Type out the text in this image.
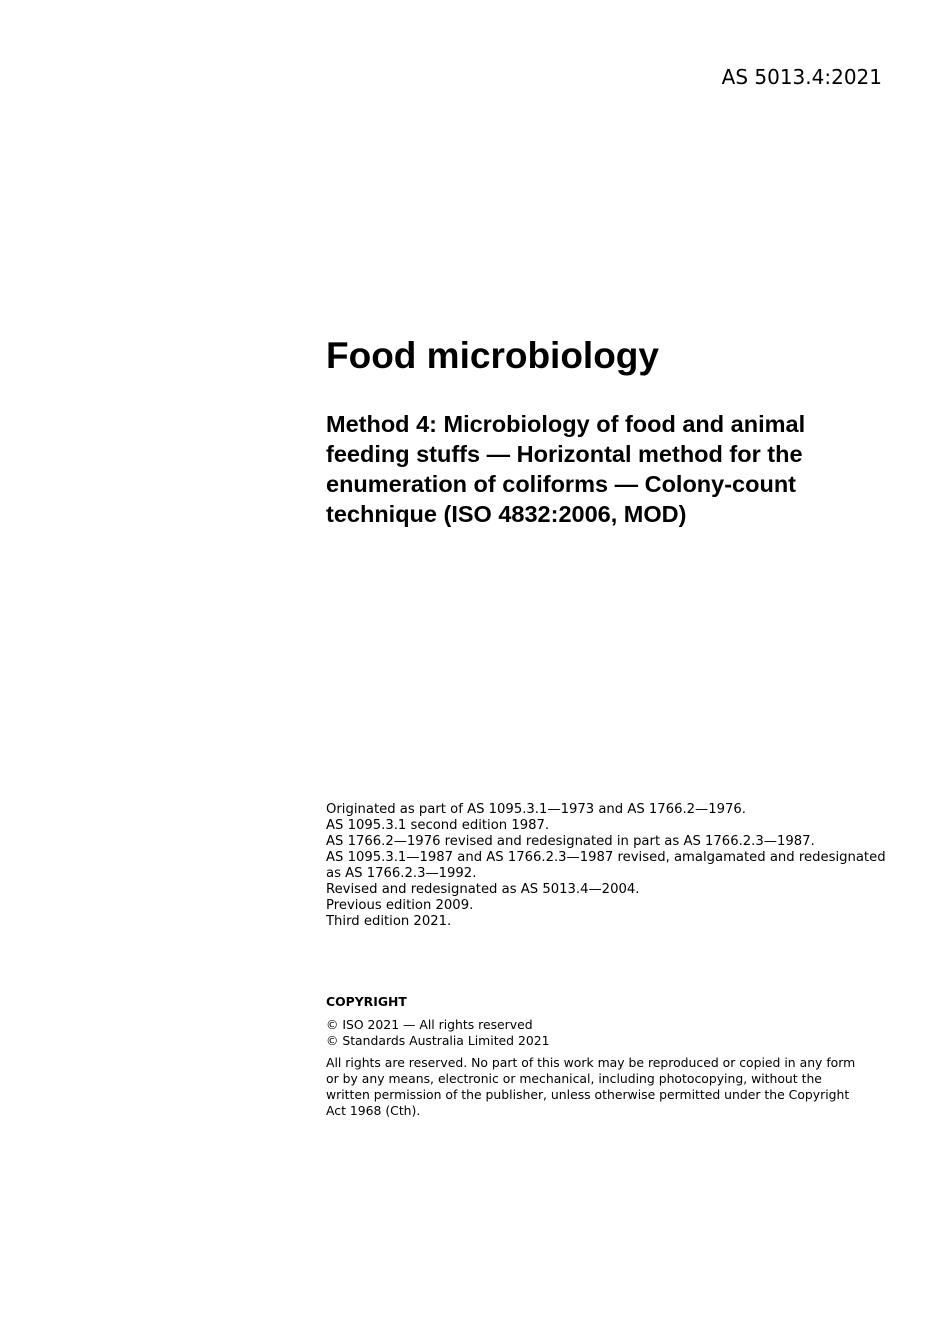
AS 5013.4:2021
Food microbiology
Method 4: Microbiology of food and animal feeding stuffs — Horizontal method for the enumeration of coliforms — Colony-count technique (ISO 4832:2006, MOD)
Originated as part of AS 1095.3.1—1973 and AS 1766.2—1976.
AS 1095.3.1 second edition 1987.
AS 1766.2—1976 revised and redesignated in part as AS 1766.2.3—1987.
AS 1095.3.1—1987 and AS 1766.2.3—1987 revised, amalgamated and redesignated as AS 1766.2.3—1992.
Revised and redesignated as AS 5013.4—2004.
Previous edition 2009.
Third edition 2021.
COPYRIGHT
© ISO 2021 — All rights reserved
© Standards Australia Limited 2021
All rights are reserved. No part of this work may be reproduced or copied in any form or by any means, electronic or mechanical, including photocopying, without the written permission of the publisher, unless otherwise permitted under the Copyright Act 1968 (Cth).
